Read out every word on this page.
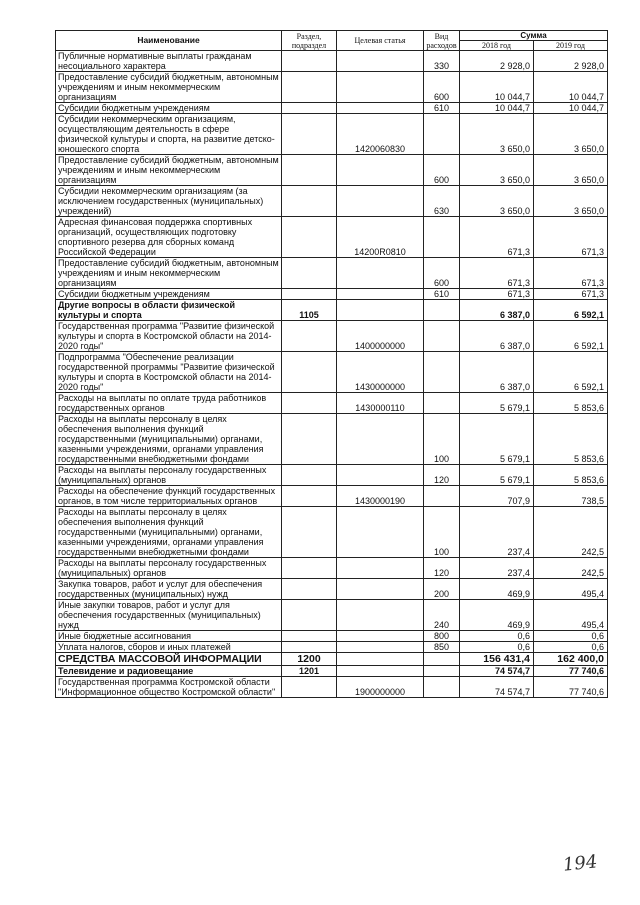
Наименование	Раздел, подраздел	Целевая статья	Вид расходов	Сумма	
				2018 год	2019 год
Публичные нормативные выплаты гражданам несоциального характера			330	2 928,0	2 928,0
Предоставление субсидий бюджетным, автономным учреждениям и иным некоммерческим организациям			600	10 044,7	10 044,7
Субсидии бюджетным учреждениям			610	10 044,7	10 044,7
Субсидии некоммерческим организациям, осуществляющим деятельность в сфере физической культуры и спорта, на развитие детско-юношеского спорта		1420060830		3 650,0	3 650,0
Предоставление субсидий бюджетным, автономным учреждениям и иным некоммерческим организациям			600	3 650,0	3 650,0
Субсидии некоммерческим организациям (за исключением государственных (муниципальных) учреждений)			630	3 650,0	3 650,0
Адресная финансовая поддержка спортивных организаций, осуществляющих подготовку спортивного резерва для сборных команд Российской Федерации		14200R0810		671,3	671,3
Предоставление субсидий бюджетным, автономным учреждениям и иным некоммерческим организациям			600	671,3	671,3
Субсидии бюджетным учреждениям			610	671,3	671,3
Другие вопросы в области физической культуры и спорта	1105			6 387,0	6 592,1
Государственная программа "Развитие физической культуры и спорта в Костромской области на 2014-2020 годы"		1400000000		6 387,0	6 592,1
Подпрограмма "Обеспечение реализации государственной программы "Развитие физической культуры и спорта в Костромской области на 2014-2020 годы"		1430000000		6 387,0	6 592,1
Расходы на выплаты по оплате труда работников государственных органов		1430000110		5 679,1	5 853,6
Расходы на выплаты персоналу в целях обеспечения выполнения функций государственными (муниципальными) органами, казенными учреждениями, органами управления государственными внебюджетными фондами			100	5 679,1	5 853,6
Расходы на выплаты персоналу государственных (муниципальных) органов			120	5 679,1	5 853,6
Расходы на обеспечение функций государственных органов, в том числе территориальных органов		1430000190		707,9	738,5
Расходы на выплаты персоналу в целях обеспечения выполнения функций государственными (муниципальными) органами, казенными учреждениями, органами управления государственными внебюджетными фондами			100	237,4	242,5
Расходы на выплаты персоналу государственных (муниципальных) органов			120	237,4	242,5
Закупка товаров, работ и услуг для обеспечения государственных (муниципальных) нужд			200	469,9	495,4
Иные закупки товаров, работ и услуг для обеспечения государственных (муниципальных) нужд			240	469,9	495,4
Иные бюджетные ассигнования			800	0,6	0,6
Уплата налогов, сборов и иных платежей			850	0,6	0,6
СРЕДСТВА МАССОВОЙ ИНФОРМАЦИИ	1200			156 431,4	162 400,0
Телевидение и радиовещание	1201			74 574,7	77 740,6
Государственная программа Костромской области "Информационное общество Костромской области"		1900000000		74 574,7	77 740,6
194
